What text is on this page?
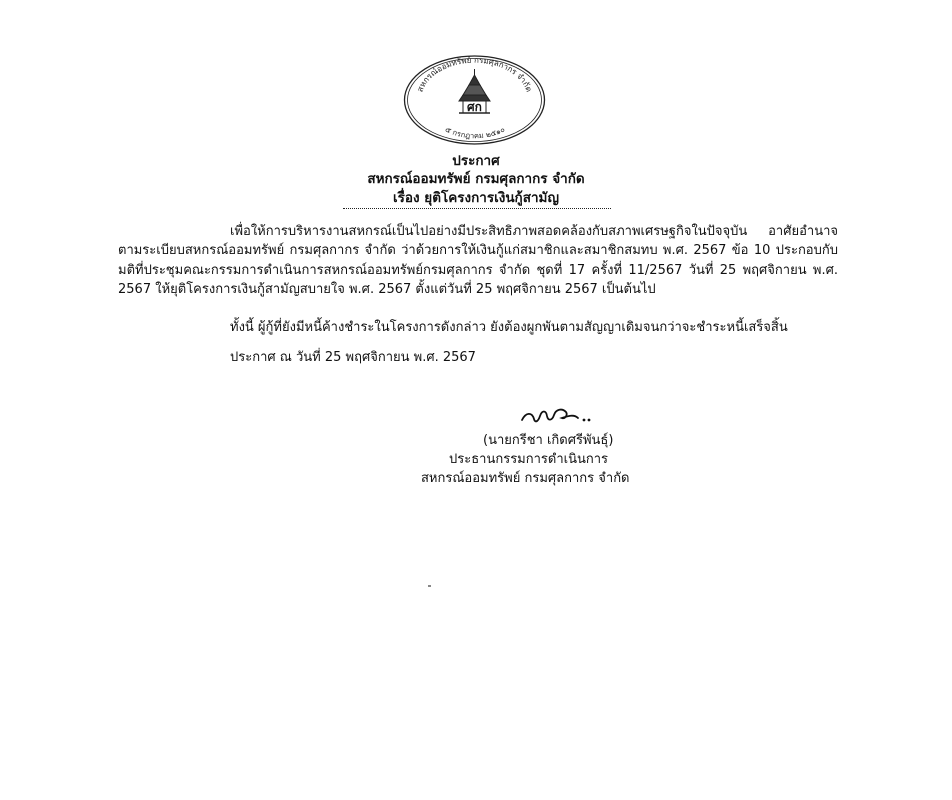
สหกรณ์ออมทรัพย์ กรมศุลกากร จำกัด
๕ กรกฎาคม ๒๕๑๐
ศก
ประกาศ
สหกรณ์ออมทรัพย์ กรมศุลกากร จำกัด
เรื่อง ยุติโครงการเงินกู้สามัญ
เพื่อให้การบริหารงานสหกรณ์เป็นไปอย่างมีประสิทธิภาพสอดคล้องกับสภาพเศรษฐกิจในปัจจุบัน อาศัยอำนาจตามระเบียบสหกรณ์ออมทรัพย์ กรมศุลกากร จำกัด ว่าด้วยการให้เงินกู้แก่สมาชิกและสมาชิกสมทบ พ.ศ. 2567 ข้อ 10 ประกอบกับมติที่ประชุมคณะกรรมการดำเนินการสหกรณ์ออมทรัพย์กรมศุลกากร จำกัด ชุดที่ 17 ครั้งที่ 11/2567 วันที่ 25 พฤศจิกายน พ.ศ. 2567 ให้ยุติโครงการเงินกู้สามัญสบายใจ พ.ศ. 2567 ตั้งแต่วันที่ 25 พฤศจิกายน 2567 เป็นต้นไป
ทั้งนี้ ผู้กู้ที่ยังมีหนี้ค้างชำระในโครงการดังกล่าว ยังต้องผูกพันตามสัญญาเดิมจนกว่าจะชำระหนี้เสร็จสิ้น
ประกาศ ณ วันที่ 25 พฤศจิกายน พ.ศ. 2567
(นายกรีชา เกิดศรีพันธุ์)
ประธานกรรมการดำเนินการ
สหกรณ์ออมทรัพย์ กรมศุลกากร จำกัด
